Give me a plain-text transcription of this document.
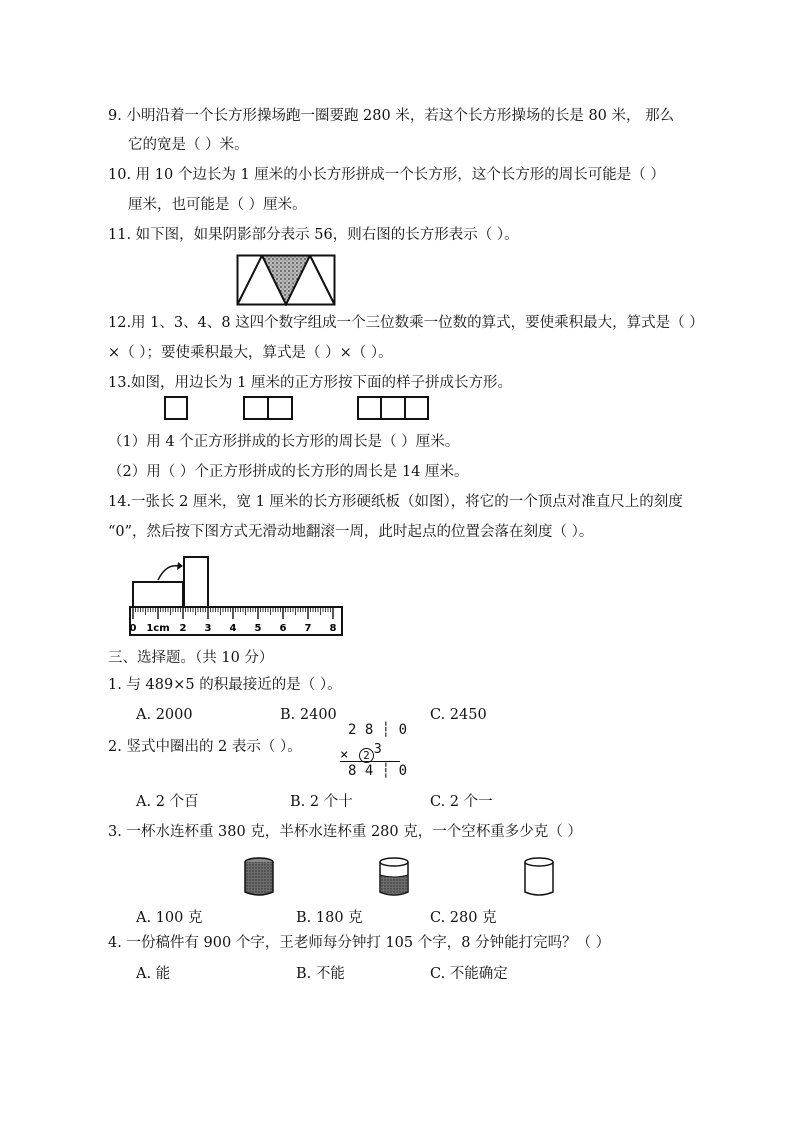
9. 小明沿着一个长方形操场跑一圈要跑 280 米，若这个长方形操场的长是 80 米， 那么
它的宽是（ ）米。
10. 用 10 个边长为 1 厘米的小长方形拼成一个长方形，这个长方形的周长可能是（ ）
厘米，也可能是（ ）厘米。
11. 如下图，如果阴影部分表示 56，则右图的长方形表示（ ）。
12.用 1、3、4、8 这四个数字组成一个三位数乘一位数的算式，要使乘积最大，算式是（ ）
×（ ）；要使乘积最大，算式是（ ）×（ ）。
13.如图，用边长为 1 厘米的正方形按下面的样子拼成长方形。
（1）用 4 个正方形拼成的长方形的周长是（ ）厘米。
（2）用（ ）个正方形拼成的长方形的周长是 14 厘米。
14.一张长 2 厘米，宽 1 厘米的长方形硬纸板（如图），将它的一个顶点对准直尺上的刻度
“0”，然后按下图方式无滑动地翻滚一周，此时起点的位置会落在刻度（ ）。
0 1cm 2 3 4 5 6 7 8
三、选择题。（共 10 分）
1. 与 489×5 的积最接近的是（ ）。
A. 2000	B. 2400	C. 2450
2. 竖式中圈出的 2 表示（ ）。
2 8 ┆ 0
× 2 3
8 4 ┆ 0
A. 2 个百	B. 2 个十	C. 2 个一
3. 一杯水连杯重 380 克，半杯水连杯重 280 克，一个空杯重多少克（ ）
A. 100 克	B. 180 克	C. 280 克
4. 一份稿件有 900 个字，王老师每分钟打 105 个字，8 分钟能打完吗？（ ）
A. 能	B. 不能	C. 不能确定
